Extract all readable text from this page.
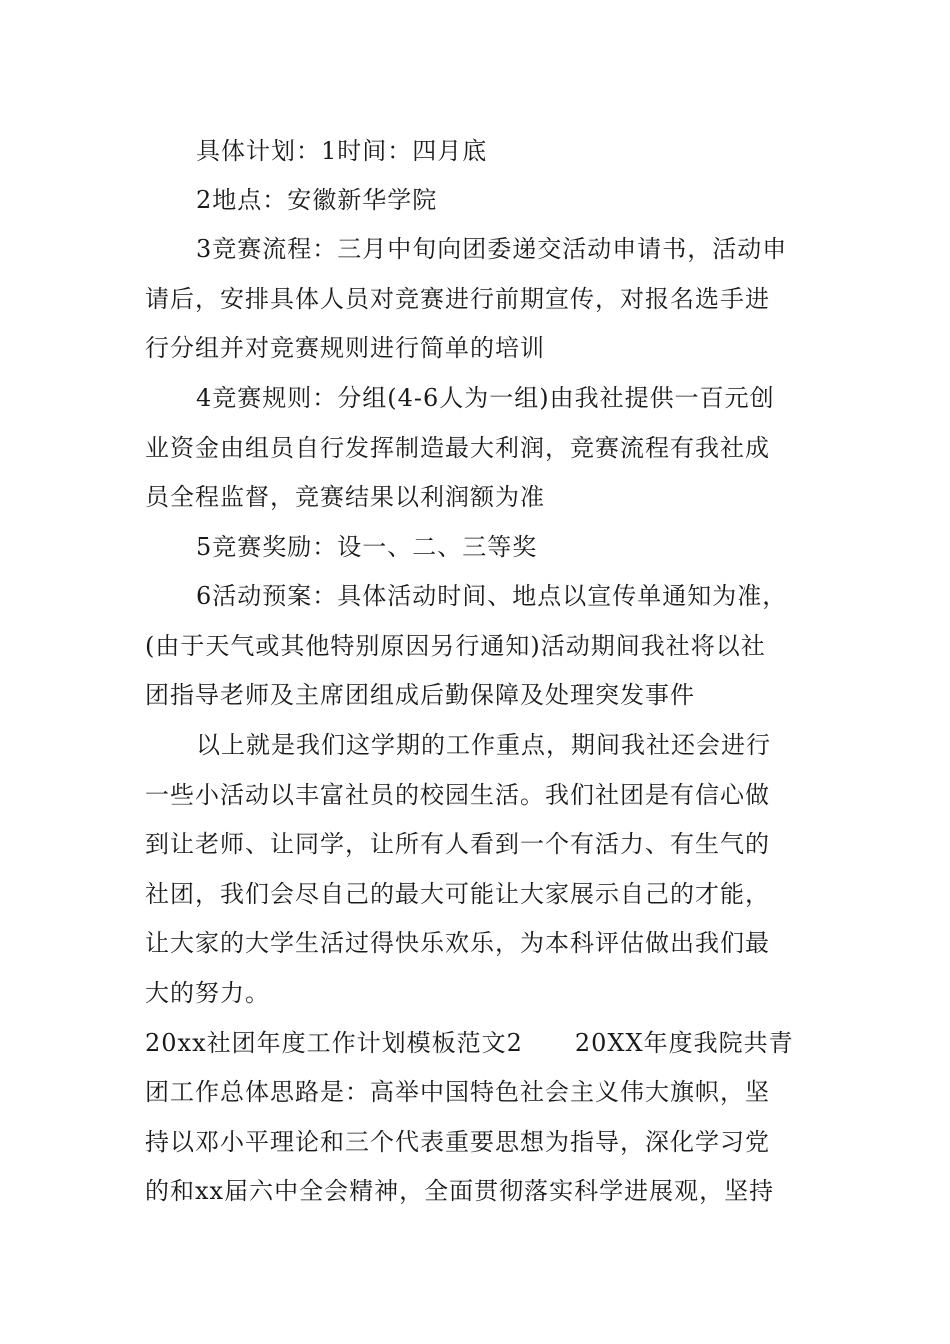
具体计划：1时间：四月底
2地点：安徽新华学院
3竞赛流程：三月中旬向团委递交活动申请书，活动申
请后，安排具体人员对竞赛进行前期宣传，对报名选手进
行分组并对竞赛规则进行简单的培训
4竞赛规则：分组(4-6人为一组)由我社提供一百元创
业资金由组员自行发挥制造最大利润，竞赛流程有我社成
员全程监督，竞赛结果以利润额为准
5竞赛奖励：设一、二、三等奖
6活动预案：具体活动时间、地点以宣传单通知为准，
(由于天气或其他特别原因另行通知)活动期间我社将以社
团指导老师及主席团组成后勤保障及处理突发事件
以上就是我们这学期的工作重点，期间我社还会进行
一些小活动以丰富社员的校园生活。我们社团是有信心做
到让老师、让同学，让所有人看到一个有活力、有生气的
社团，我们会尽自己的最大可能让大家展示自己的才能，
让大家的大学生活过得快乐欢乐，为本科评估做出我们最
大的努力。
20xx社团年度工作计划模板范文2 20XX年度我院共青
团工作总体思路是：高举中国特色社会主义伟大旗帜，坚
持以邓小平理论和三个代表重要思想为指导，深化学习党
的和xx届六中全会精神，全面贯彻落实科学进展观，坚持
